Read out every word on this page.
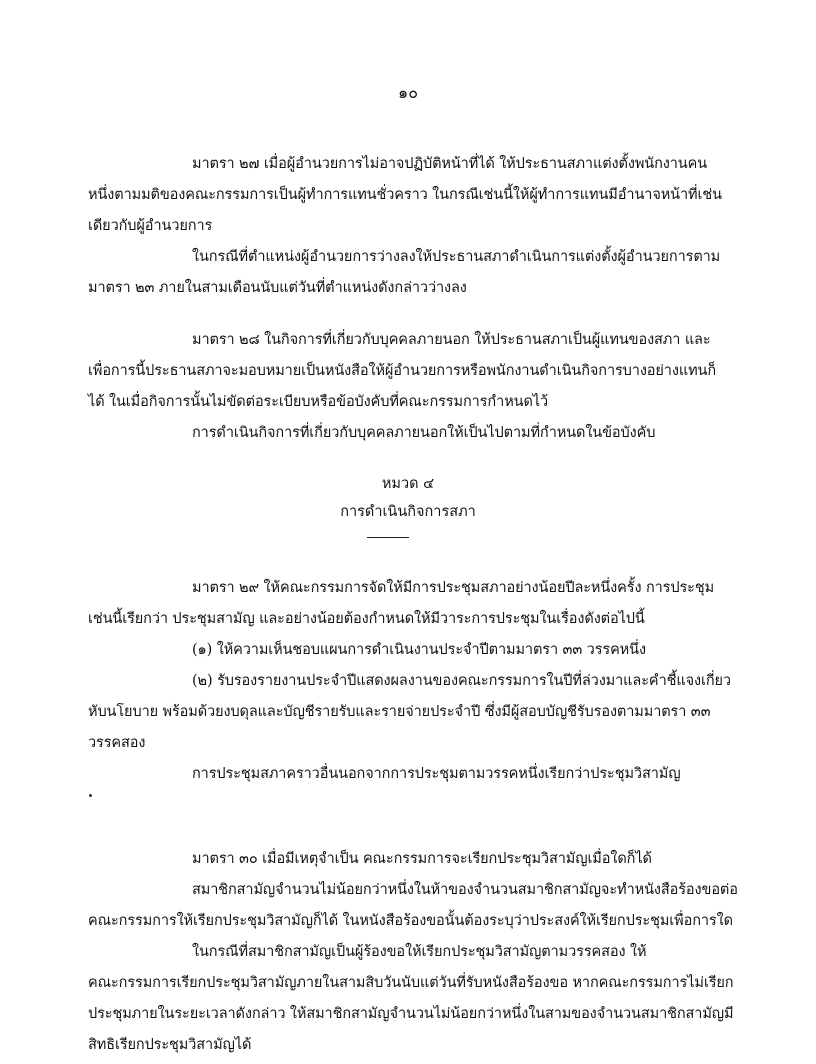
๑๐
มาตรา ๒๗ เมื่อผู้อำนวยการไม่อาจปฏิบัติหน้าที่ได้ ให้ประธานสภาแต่งตั้งพนักงานคน
หนึ่งตามมติของคณะกรรมการเป็นผู้ทำการแทนชั่วคราว ในกรณีเช่นนี้ให้ผู้ทำการแทนมีอำนาจหน้าที่เช่น
เดียวกับผู้อำนวยการ
ในกรณีที่ตำแหน่งผู้อำนวยการว่างลงให้ประธานสภาดำเนินการแต่งตั้งผู้อำนวยการตาม
มาตรา ๒๓ ภายในสามเดือนนับแต่วันที่ตำแหน่งดังกล่าวว่างลง
มาตรา ๒๘ ในกิจการที่เกี่ยวกับบุคคลภายนอก ให้ประธานสภาเป็นผู้แทนของสภา และ
เพื่อการนี้ประธานสภาจะมอบหมายเป็นหนังสือให้ผู้อำนวยการหรือพนักงานดำเนินกิจการบางอย่างแทนก็
ได้ ในเมื่อกิจการนั้นไม่ขัดต่อระเบียบหรือข้อบังคับที่คณะกรรมการกำหนดไว้
การดำเนินกิจการที่เกี่ยวกับบุคคลภายนอกให้เป็นไปตามที่กำหนดในข้อบังคับ
หมวด ๔
การดำเนินกิจการสภา
มาตรา ๒๙ ให้คณะกรรมการจัดให้มีการประชุมสภาอย่างน้อยปีละหนึ่งครั้ง การประชุม
เช่นนี้เรียกว่า ประชุมสามัญ และอย่างน้อยต้องกำหนดให้มีวาระการประชุมในเรื่องดังต่อไปนี้
(๑) ให้ความเห็นชอบแผนการดำเนินงานประจำปีตามมาตรา ๓๓ วรรคหนึ่ง
(๒) รับรองรายงานประจำปีแสดงผลงานของคณะกรรมการในปีที่ล่วงมาและคำชี้แจงเกี่ยว
หับนโยบาย พร้อมด้วยงบดุลและบัญชีรายรับและรายจ่ายประจำปี ซึ่งมีผู้สอบบัญชีรับรองตามมาตรา ๓๓
วรรคสอง
การประชุมสภาคราวอื่นนอกจากการประชุมตามวรรคหนึ่งเรียกว่าประชุมวิสามัญ
มาตรา ๓๐ เมื่อมีเหตุจำเป็น คณะกรรมการจะเรียกประชุมวิสามัญเมื่อใดก็ได้
สมาชิกสามัญจำนวนไม่น้อยกว่าหนึ่งในห้าของจำนวนสมาชิกสามัญจะทำหนังสือร้องขอต่อ
คณะกรรมการให้เรียกประชุมวิสามัญก็ได้ ในหนังสือร้องขอนั้นต้องระบุว่าประสงค์ให้เรียกประชุมเพื่อการใด
ในกรณีที่สมาชิกสามัญเป็นผู้ร้องขอให้เรียกประชุมวิสามัญตามวรรคสอง ให้
คณะกรรมการเรียกประชุมวิสามัญภายในสามสิบวันนับแต่วันที่รับหนังสือร้องขอ หากคณะกรรมการไม่เรียก
ประชุมภายในระยะเวลาดังกล่าว ให้สมาชิกสามัญจำนวนไม่น้อยกว่าหนึ่งในสามของจำนวนสมาชิกสามัญมี
สิทธิเรียกประชุมวิสามัญได้
